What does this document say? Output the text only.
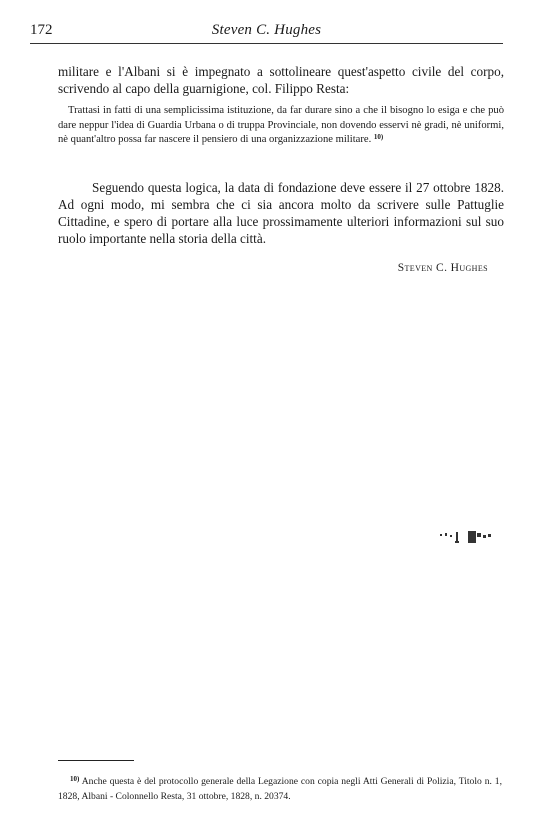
172	Steven C. Hughes

militare e l'Albani si è impegnato a sottolineare quest'aspetto civile del corpo, scrivendo al capo della guarnigione, col. Filippo Resta:

Trattasi in fatti di una semplicissima istituzione, da far durare sino a che il bisogno lo esiga e che può dare neppur l'idea di Guardia Urbana o di truppa Provinciale, non dovendo esservi nè gradi, nè uniformi, nè quant'altro possa far nascere il pensiero di una organizzazione militare. $^{10)}$

Seguendo questa logica, la data di fondazione deve essere il 27 ottobre 1828. Ad ogni modo, mi sembra che ci sia ancora molto da scrivere sulle Pattuglie Cittadine, e spero di portare alla luce prossimamente ulteriori informazioni sul suo ruolo importante nella storia della città.

Steven C. Hughes

$^{10)}$ Anche questa è del protocollo generale della Legazione con copia negli Atti Generali di Polizia, Titolo n. 1, 1828, Albani - Colonnello Resta, 31 ottobre, 1828, n. 20374.
